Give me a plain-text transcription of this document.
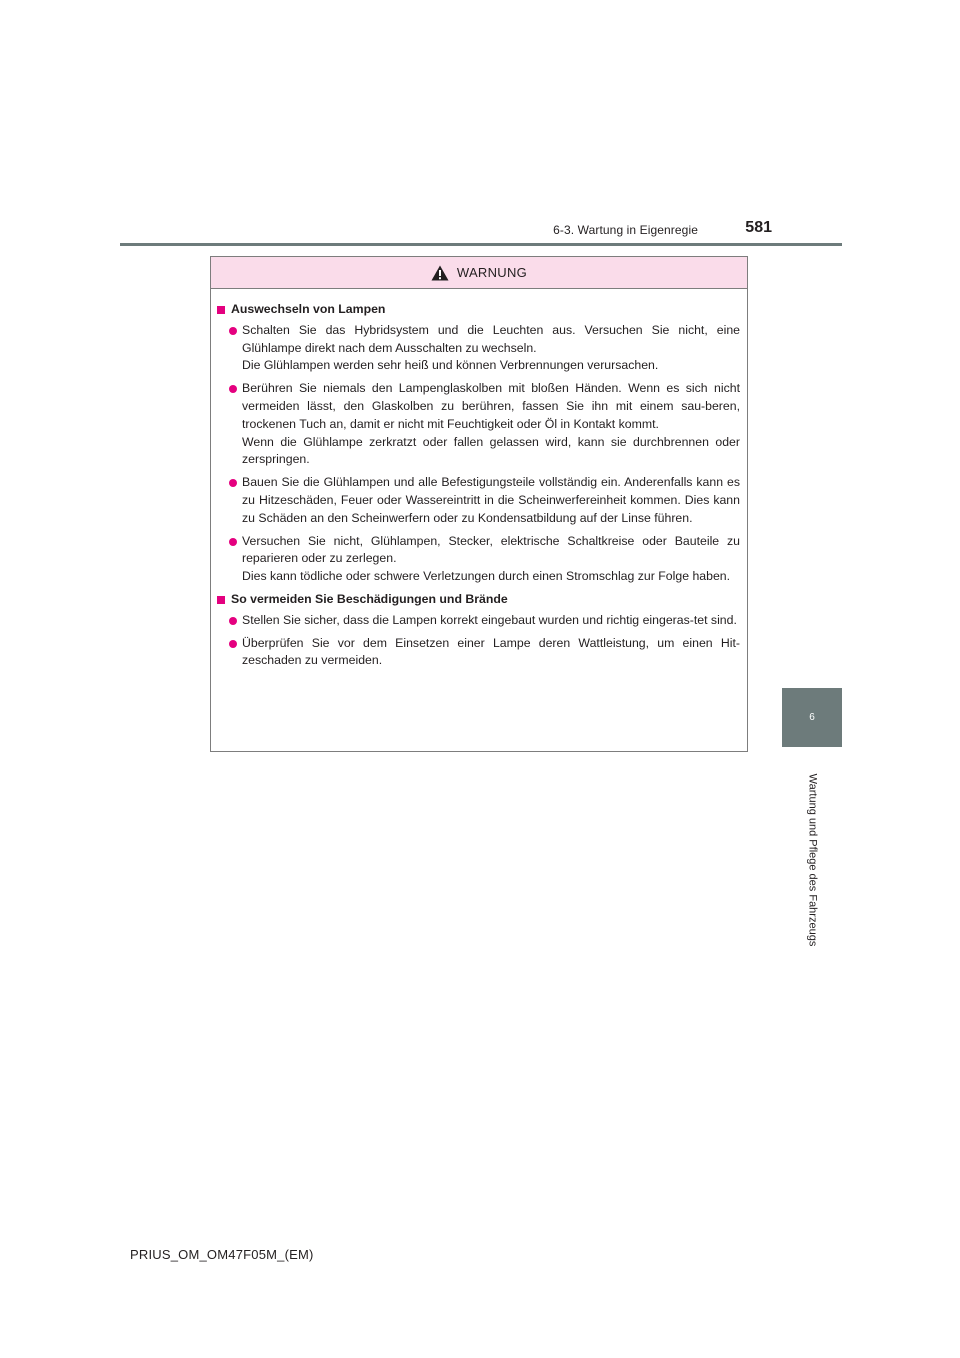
6-3. Wartung in Eigenregie	581
6
Wartung und Pflege des Fahrzeugs
WARNUNG
Auswechseln von Lampen

Schalten Sie das Hybridsystem und die Leuchten aus. Versuchen Sie nicht, eine Glühlampe direkt nach dem Ausschalten zu wechseln.

Die Glühlampen werden sehr heiß und können Verbrennungen verursachen.

Berühren Sie niemals den Lampenglaskolben mit bloßen Händen. Wenn es sich nicht vermeiden lässt, den Glaskolben zu berühren, fassen Sie ihn mit einem sau-beren, trockenen Tuch an, damit er nicht mit Feuchtigkeit oder Öl in Kontakt kommt.

Wenn die Glühlampe zerkratzt oder fallen gelassen wird, kann sie durchbrennen oder zerspringen.

Bauen Sie die Glühlampen und alle Befestigungsteile vollständig ein. Anderenfalls kann es zu Hitzeschäden, Feuer oder Wassereintritt in die Scheinwerfereinheit kommen. Dies kann zu Schäden an den Scheinwerfern oder zu Kondensatbildung auf der Linse führen.

Versuchen Sie nicht, Glühlampen, Stecker, elektrische Schaltkreise oder Bauteile zu reparieren oder zu zerlegen.

Dies kann tödliche oder schwere Verletzungen durch einen Stromschlag zur Folge haben.

So vermeiden Sie Beschädigungen und Brände

Stellen Sie sicher, dass die Lampen korrekt eingebaut wurden und richtig eingeras-tet sind.

Überprüfen Sie vor dem Einsetzen einer Lampe deren Wattleistung, um einen Hit-zeschaden zu vermeiden.

PRIUS_OM_OM47F05M_(EM)
